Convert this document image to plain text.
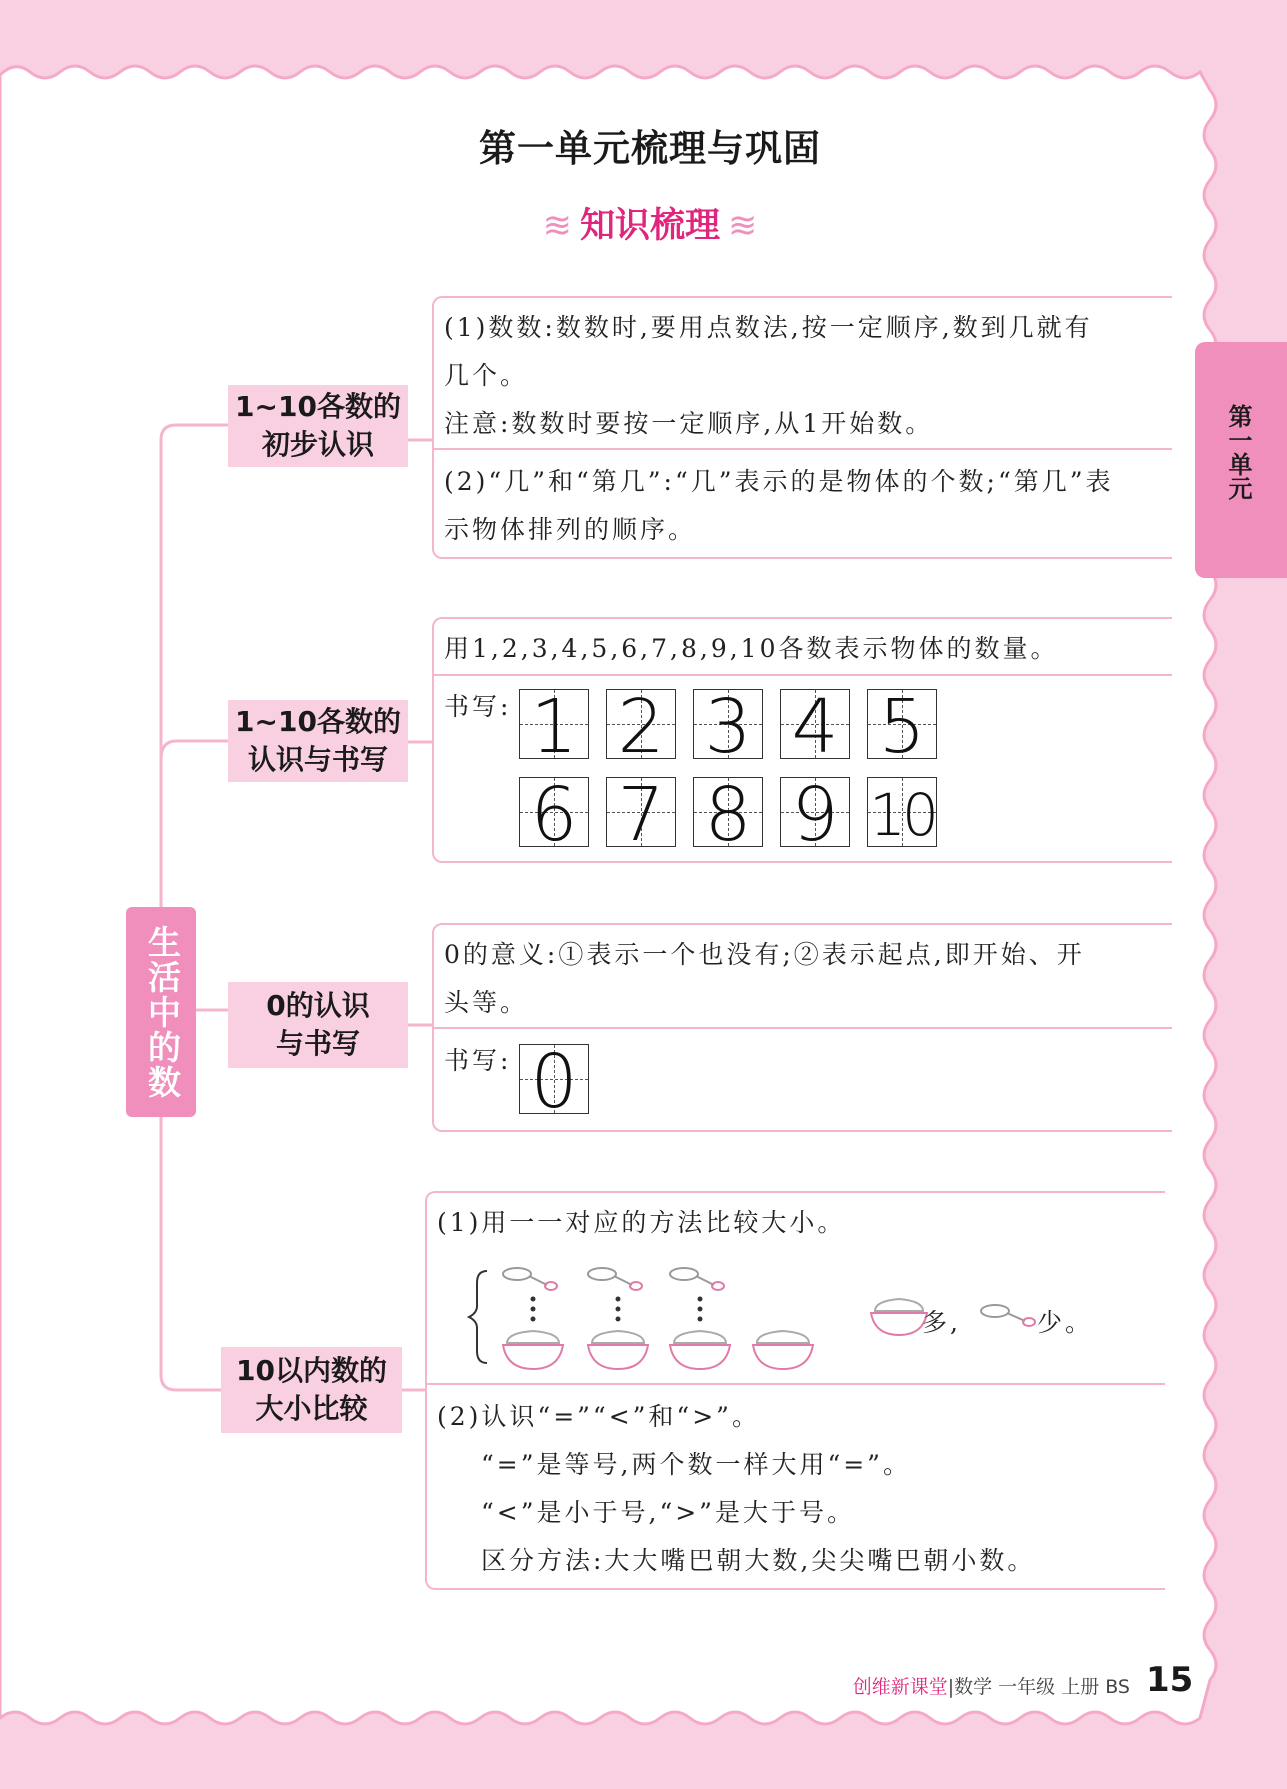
第一单元梳理与巩固
≋ 知识梳理 ≋
第一单元
生活中的数
1~10各数的
初步认识
(1)数数:数数时,要用点数法,按一定顺序,数到几就有
几个。
注意:数数时要按一定顺序,从1开始数。
(2)“几”和“第几”:“几”表示的是物体的个数;“第几”表
示物体排列的顺序。
1~10各数的
认识与书写
用1,2,3,4,5,6,7,8,9,10各数表示物体的数量。
书写: 1 2 3 4 5
6 7 8 9 10
0的认识
与书写
0的意义:①表示一个也没有;②表示起点,即开始、开
头等。
书写: 0
10以内数的
大小比较
(1)用一一对应的方法比较大小。
多,	少。
(2)认识“=”“<”和“>”。
“=”是等号,两个数一样大用“=”。
“<”是小于号,“>”是大于号。
区分方法:大大嘴巴朝大数,尖尖嘴巴朝小数。
创维新课堂|数学 一年级 上册 BS 15
